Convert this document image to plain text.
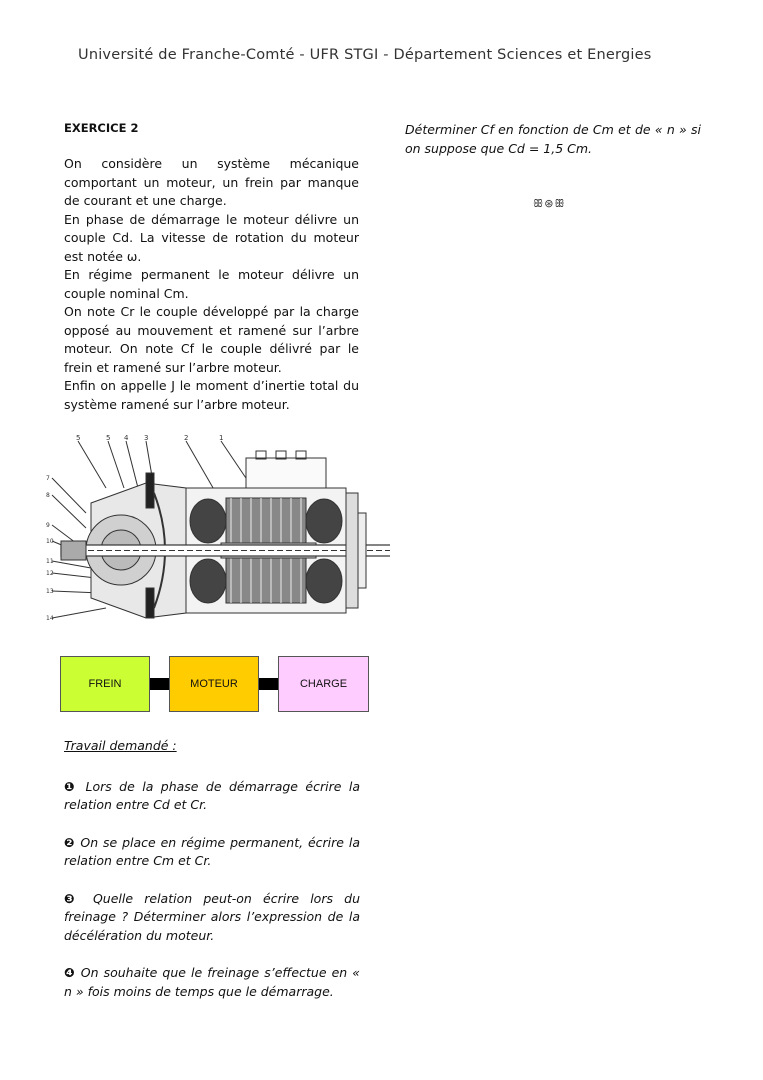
Université de Franche-Comté - UFR STGI - Département Sciences et Energies
EXERCICE 2

On considère un système mécanique comportant un moteur, un frein par manque de courant et une charge.

En phase de démarrage le moteur délivre un couple Cd. La vitesse de rotation du moteur est notée ω.

En régime permanent le moteur délivre un couple nominal Cm.

On note Cr le couple développé par la charge opposé au mouvement et ramené sur l’arbre moteur. On note Cf le couple délivré par le frein et ramené sur l’arbre moteur.

Enfin on appelle J le moment d’inertie total du système ramené sur l’arbre moteur.

5	5 4 3	2	1
7
8
9
10
11
12
13
14
FREIN	MOTEUR	CHARGE

Travail demandé :

❶ Lors de la phase de démarrage écrire la relation entre Cd et Cr.

❷ On se place en régime permanent, écrire la relation entre Cm et Cr.

❸ Quelle relation peut-on écrire lors du freinage ? Déterminer alors l’expression de la décélération du moteur.

❹ On souhaite que le freinage s’effectue en « n » fois moins de temps que le démarrage.

Déterminer Cf en fonction de Cm et de « n » si on suppose que Cd = 1,5 Cm.

ꕥ⊛ꕥ
